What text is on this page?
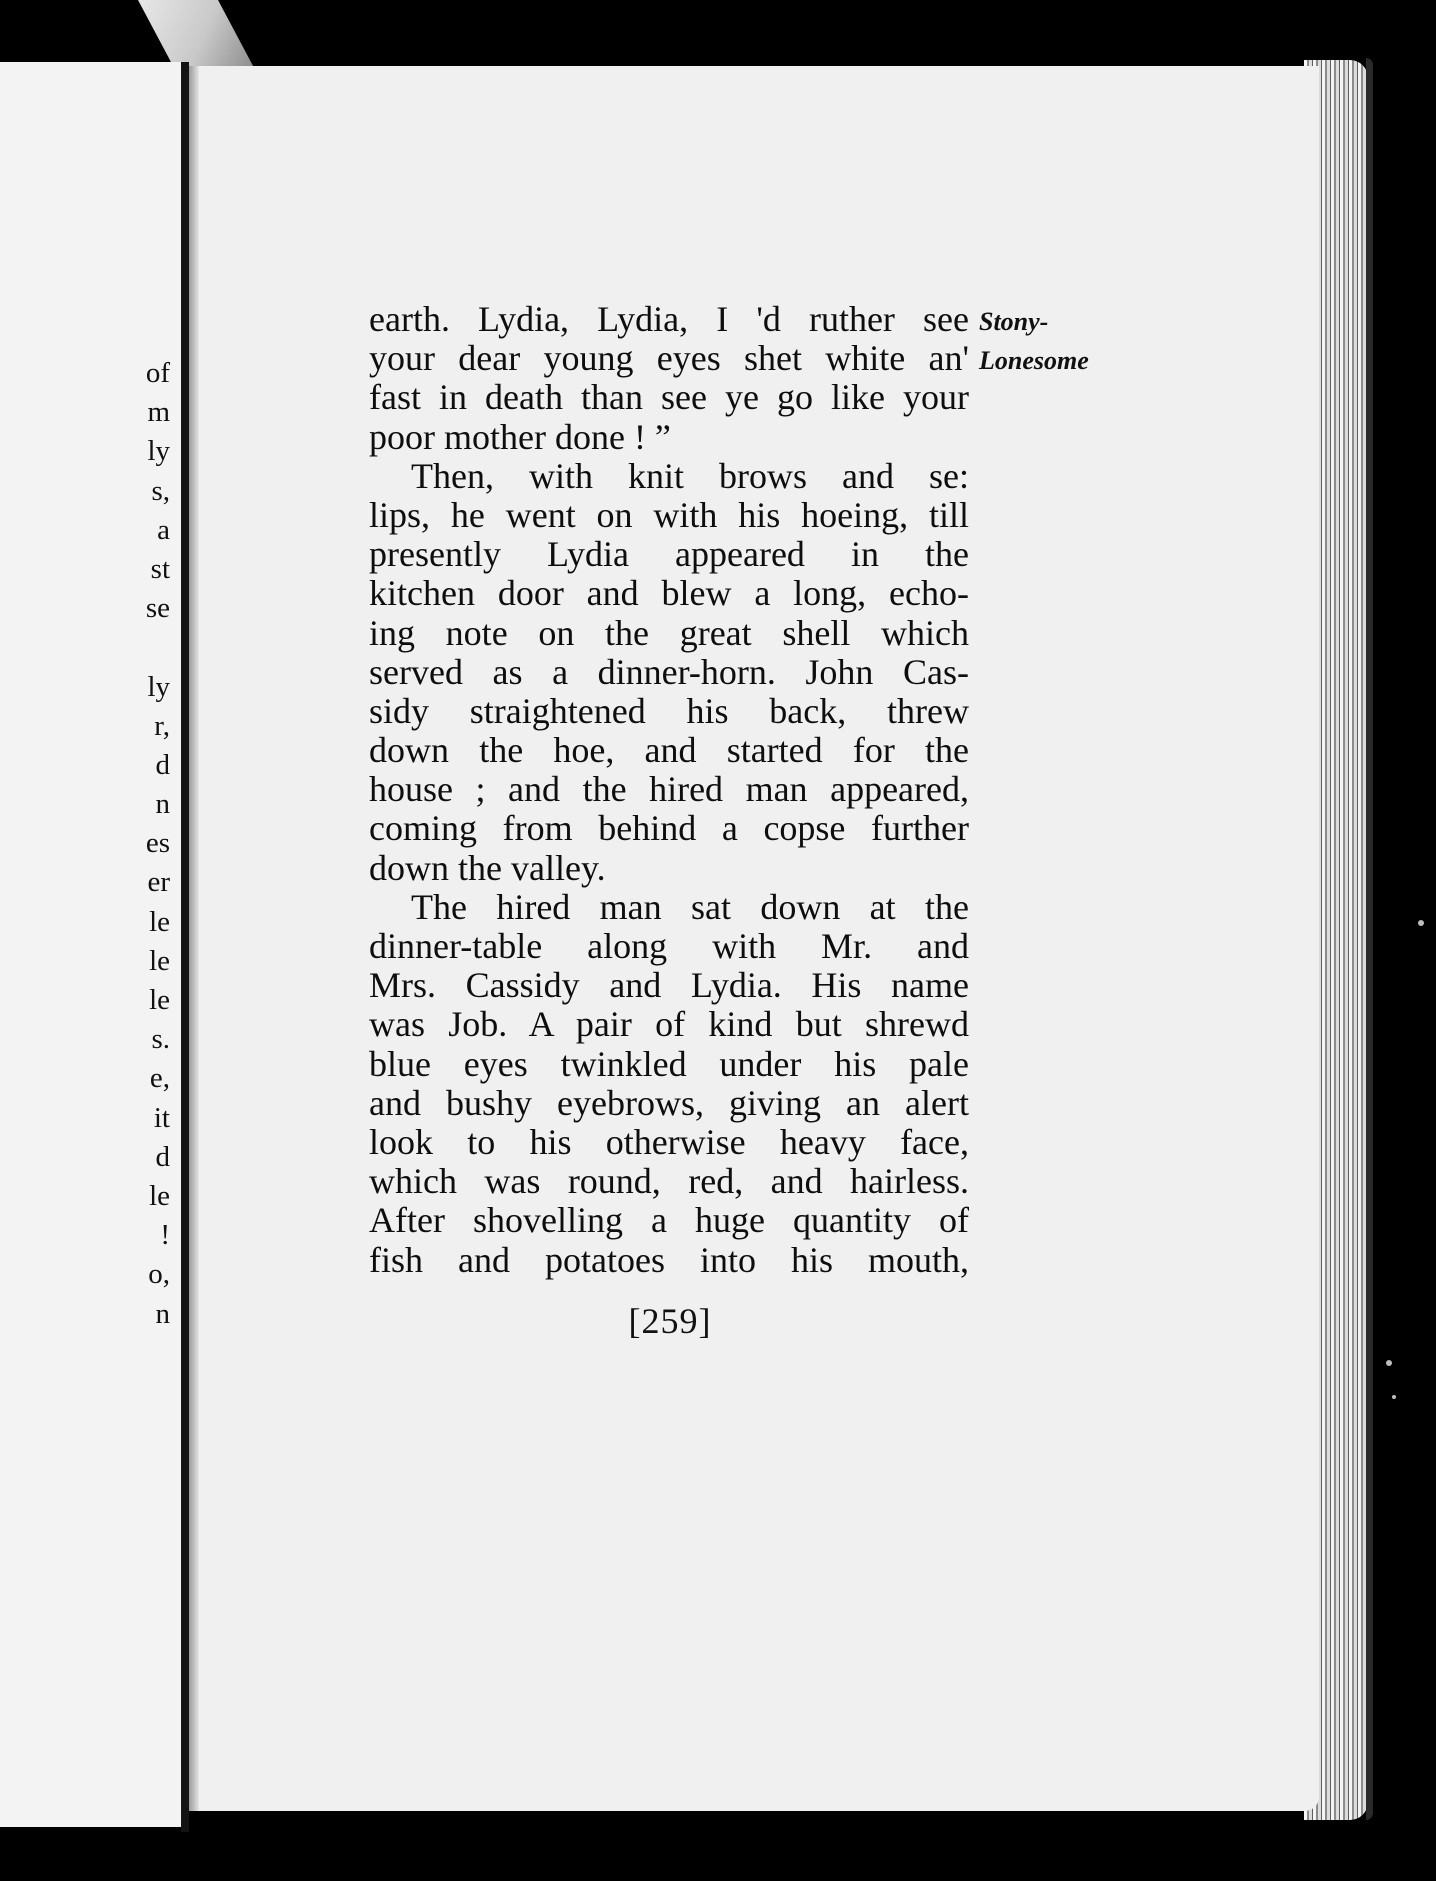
of
m
ly
s,
a
st
se
ly
r,
d
n
es
er
le
le
le
s.
e,
it
d
le
!
o,
n
earth. Lydia, Lydia, I 'd ruther see
your dear young eyes shet white an'
fast in death than see ye go like your
poor mother done ! ”
Then, with knit brows and se:
lips, he went on with his hoeing, till
presently Lydia appeared in the
kitchen door and blew a long, echo-
ing note on the great shell which
served as a dinner-horn. John Cas-
sidy straightened his back, threw
down the hoe, and started for the
house ; and the hired man appeared,
coming from behind a copse further
down the valley.
The hired man sat down at the
dinner-table along with Mr. and
Mrs. Cassidy and Lydia. His name
was Job. A pair of kind but shrewd
blue eyes twinkled under his pale
and bushy eyebrows, giving an alert
look to his otherwise heavy face,
which was round, red, and hairless.
After shovelling a huge quantity of
fish and potatoes into his mouth,
Stony-
Lonesome
[259]
